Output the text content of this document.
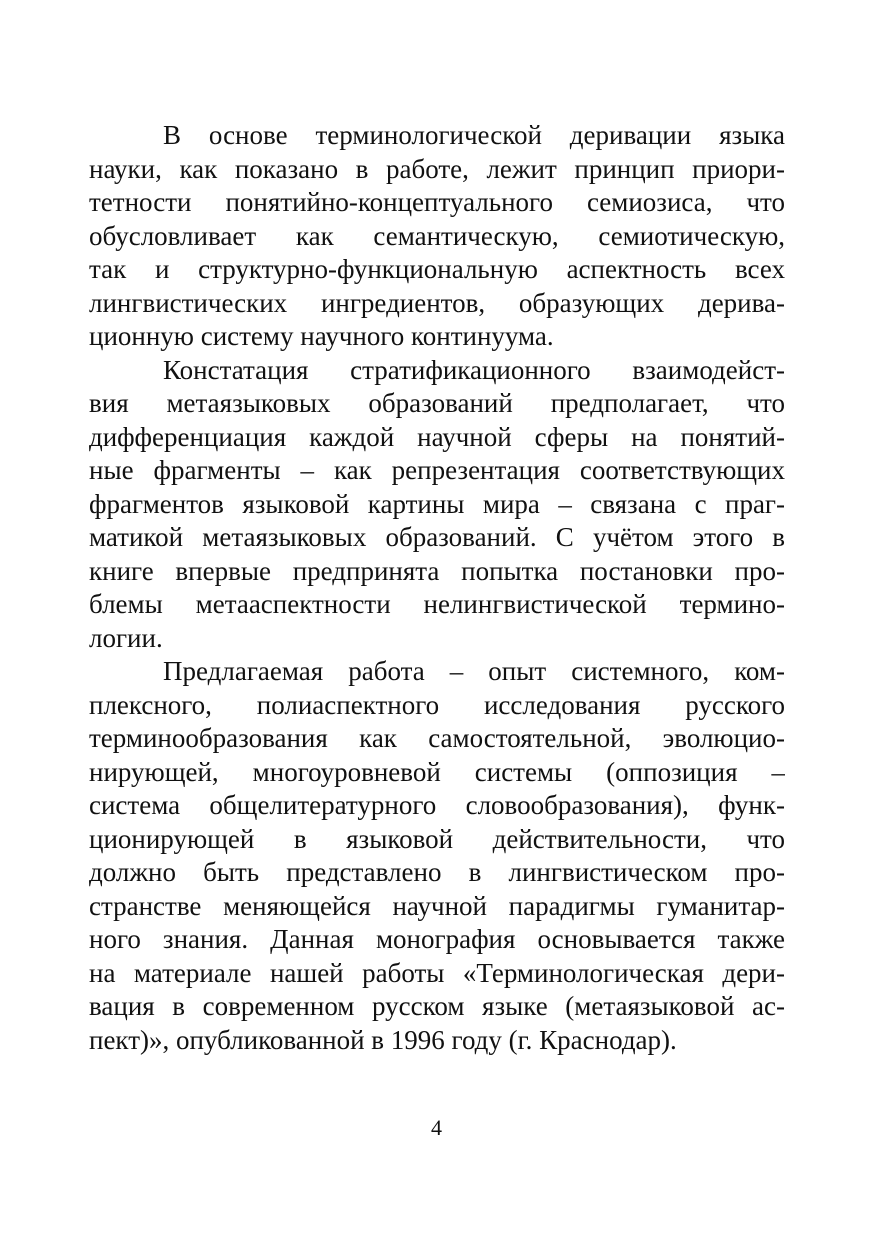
В основе терминологической деривации языка
науки, как показано в работе, лежит принцип приори-
тетности понятийно-концептуального семиозиса, что
обусловливает как семантическую, семиотическую,
так и структурно-функциональную аспектность всех
лингвистических ингредиентов, образующих дерива-
ционную систему научного континуума.
Констатация стратификационного взаимодейст-
вия метаязыковых образований предполагает, что
дифференциация каждой научной сферы на понятий-
ные фрагменты – как репрезентация соответствующих
фрагментов языковой картины мира – связана с праг-
матикой метаязыковых образований. С учётом этого в
книге впервые предпринята попытка постановки про-
блемы метааспектности нелингвистической термино-
логии.
Предлагаемая работа – опыт системного, ком-
плексного, полиаспектного исследования русского
терминообразования как самостоятельной, эволюцио-
нирующей, многоуровневой системы (оппозиция –
система общелитературного словообразования), функ-
ционирующей в языковой действительности, что
должно быть представлено в лингвистическом про-
странстве меняющейся научной парадигмы гуманитар-
ного знания. Данная монография основывается также
на материале нашей работы «Терминологическая дери-
вация в современном русском языке (метаязыковой ас-
пект)», опубликованной в 1996 году (г. Краснодар).
4
